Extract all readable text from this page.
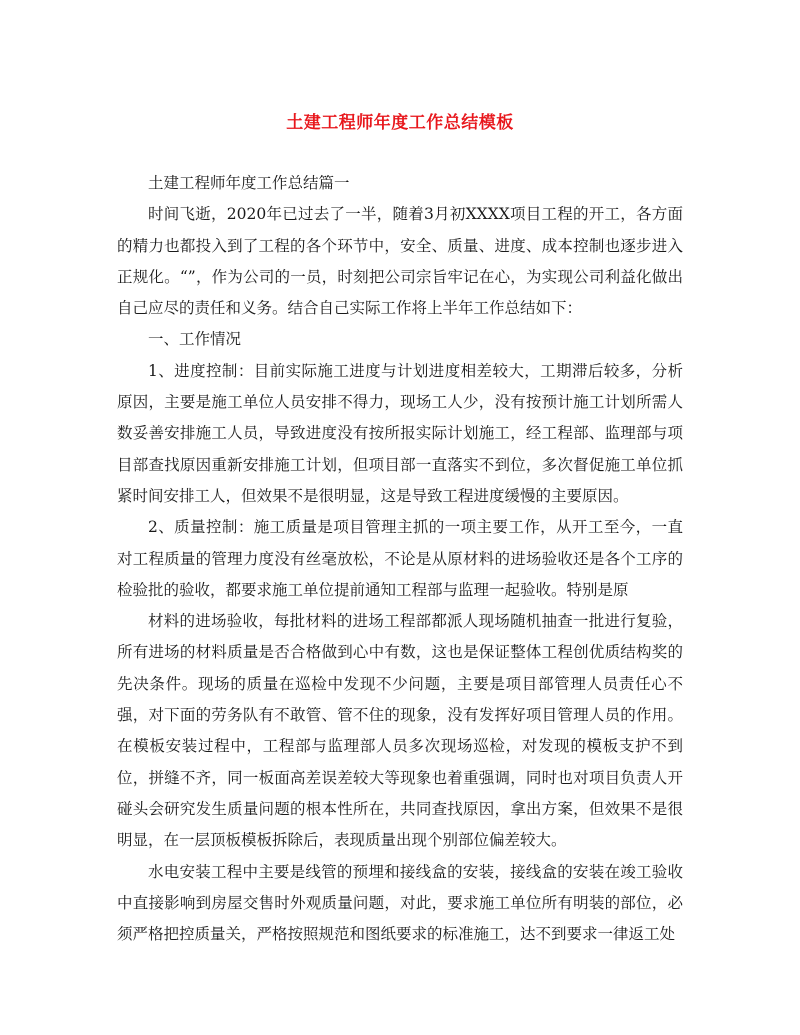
土建工程师年度工作总结模板

土建工程师年度工作总结篇一

时间飞逝，2020年已过去了一半，随着3月初XXXX项目工程的开工，各方面的精力也都投入到了工程的各个环节中，安全、质量、进度、成本控制也逐步进入正规化。“”，作为公司的一员，时刻把公司宗旨牢记在心，为实现公司利益化做出自己应尽的责任和义务。结合自己实际工作将上半年工作总结如下：

一、工作情况

1、进度控制：目前实际施工进度与计划进度相差较大，工期滞后较多，分析原因，主要是施工单位人员安排不得力，现场工人少，没有按预计施工计划所需人数妥善安排施工人员，导致进度没有按所报实际计划施工，经工程部、监理部与项目部查找原因重新安排施工计划，但项目部一直落实不到位，多次督促施工单位抓紧时间安排工人，但效果不是很明显，这是导致工程进度缓慢的主要原因。

2、质量控制：施工质量是项目管理主抓的一项主要工作，从开工至今，一直对工程质量的管理力度没有丝毫放松，不论是从原材料的进场验收还是各个工序的检验批的验收，都要求施工单位提前通知工程部与监理一起验收。特别是原

材料的进场验收，每批材料的进场工程部都派人现场随机抽查一批进行复验，所有进场的材料质量是否合格做到心中有数，这也是保证整体工程创优质结构奖的先决条件。现场的质量在巡检中发现不少问题，主要是项目部管理人员责任心不强，对下面的劳务队有不敢管、管不住的现象，没有发挥好项目管理人员的作用。在模板安装过程中，工程部与监理部人员多次现场巡检，对发现的模板支护不到位，拼缝不齐，同一板面高差误差较大等现象也着重强调，同时也对项目负责人开碰头会研究发生质量问题的根本性所在，共同查找原因，拿出方案，但效果不是很明显，在一层顶板模板拆除后，表现质量出现个别部位偏差较大。

水电安装工程中主要是线管的预埋和接线盒的安装，接线盒的安装在竣工验收中直接影响到房屋交售时外观质量问题，对此，要求施工单位所有明装的部位，必须严格把控质量关，严格按照规范和图纸要求的标准施工，达不到要求一律返工处
